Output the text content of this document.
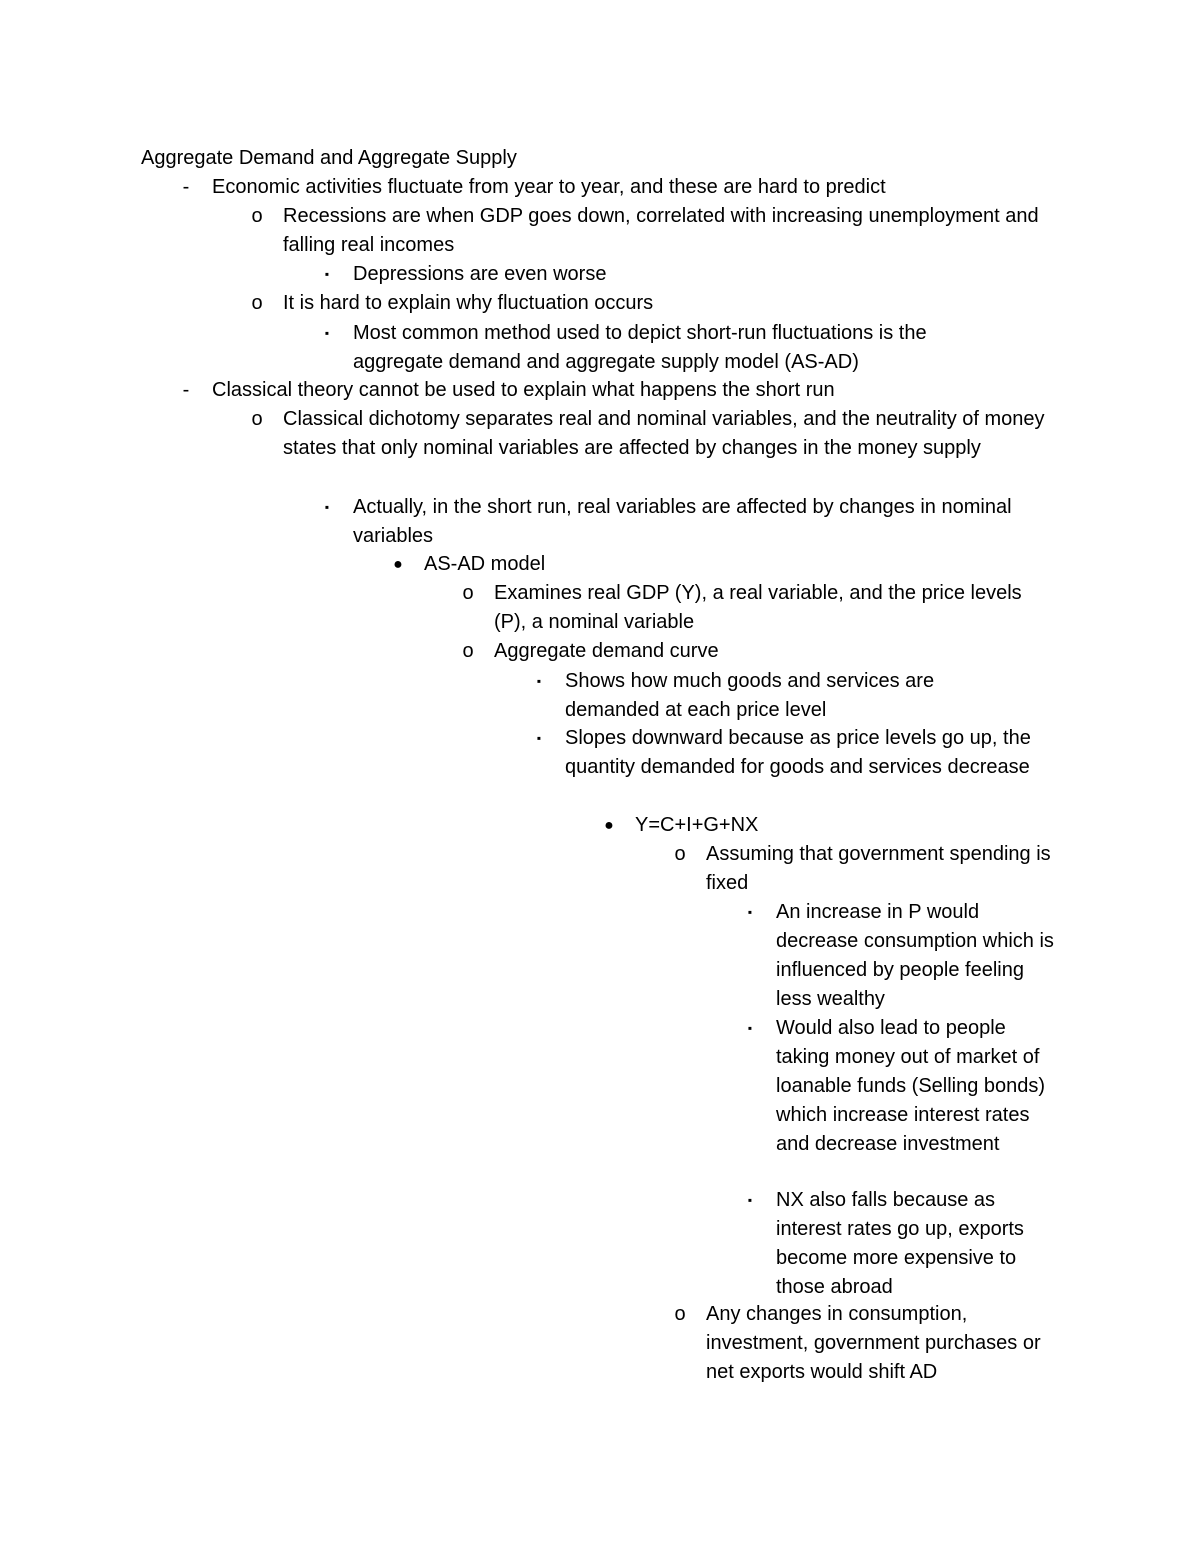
Aggregate Demand and Aggregate Supply
-	Economic activities fluctuate from year to year, and these are hard to predict
o Recessions are when GDP goes down, correlated with increasing unemployment and falling real incomes
▪	Depressions are even worse
o It is hard to explain why fluctuation occurs
▪	Most common method used to depict short-run fluctuations is the aggregate demand and aggregate supply model (AS-AD)
-	Classical theory cannot be used to explain what happens the short run
o Classical dichotomy separates real and nominal variables, and the neutrality of money states that only nominal variables are affected by changes in the money supply
▪	Actually, in the short run, real variables are affected by changes in nominal variables
● AS-AD model
o Examines real GDP (Y), a real variable, and the price levels (P), a nominal variable
o Aggregate demand curve
▪	Shows how much goods and services are demanded at each price level
▪	Slopes downward because as price levels go up, the quantity demanded for goods and services decrease
● Y=C+I+G+NX
o Assuming that government spending is fixed
▪	An increase in P would decrease consumption which is influenced by people feeling less wealthy
▪	Would also lead to people taking money out of market of loanable funds (Selling bonds) which increase interest rates and decrease investment
▪	NX also falls because as interest rates go up, exports become more expensive to those abroad
o Any changes in consumption, investment, government purchases or net exports would shift AD
